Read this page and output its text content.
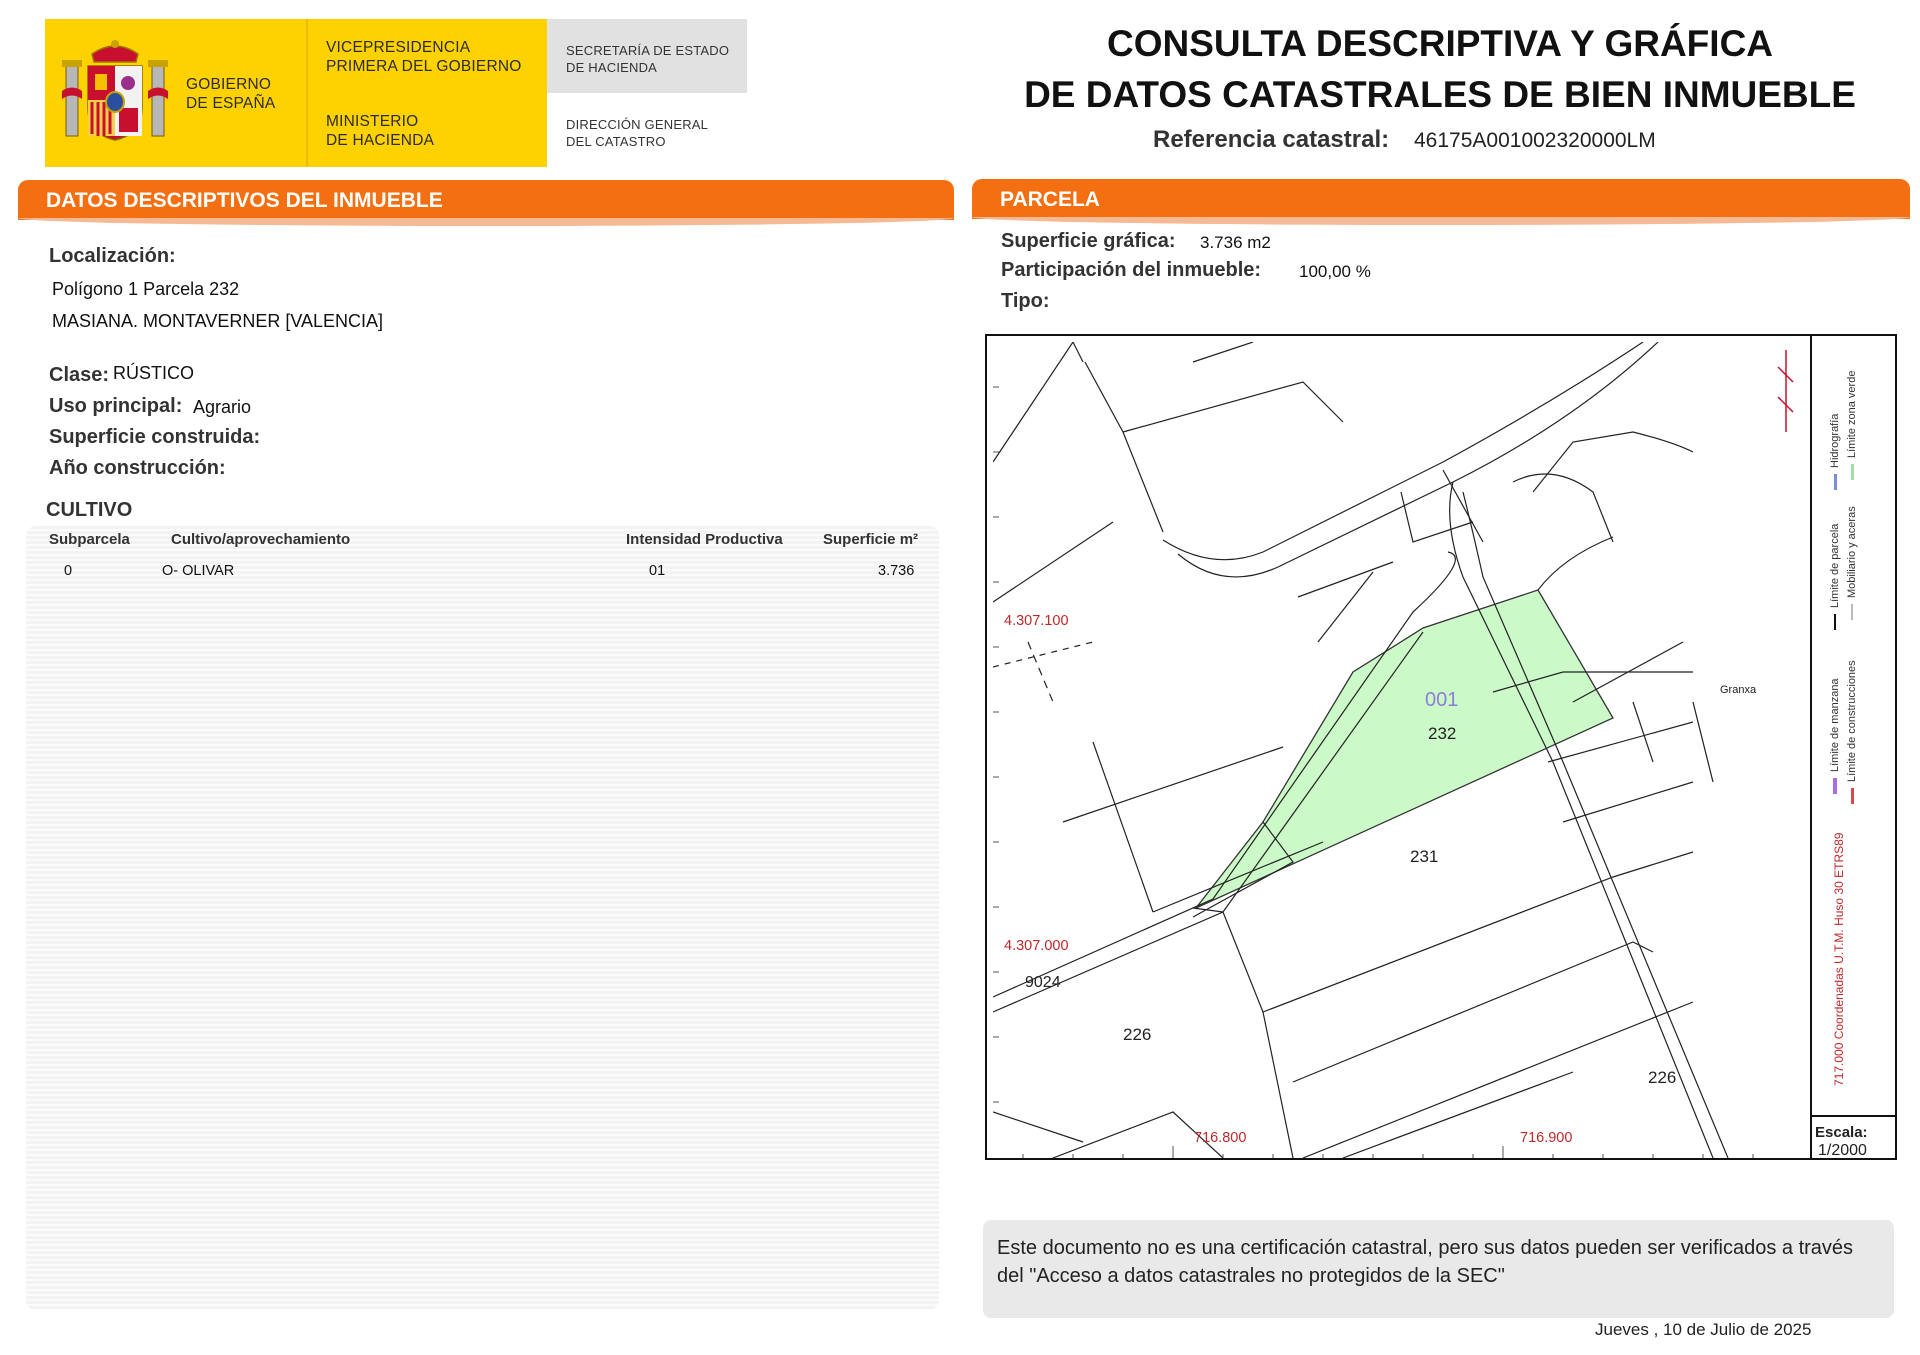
GOBIERNO
DE ESPAÑA
VICEPRESIDENCIA
PRIMERA DEL GOBIERNO
MINISTERIO
DE HACIENDA
SECRETARÍA DE ESTADO
DE HACIENDA
DIRECCIÓN GENERAL
DEL CATASTRO
CONSULTA DESCRIPTIVA Y GRÁFICA
DE DATOS CATASTRALES DE BIEN INMUEBLE
Referencia catastral: 46175A001002320000LM
DATOS DESCRIPTIVOS DEL INMUEBLE
Localización:
Polígono 1 Parcela 232
MASIANA. MONTAVERNER [VALENCIA]
Clase: RÚSTICO
Uso principal: Agrario
Superficie construida:
Año construcción:
CULTIVO
Subparcela	Cultivo/aprovechamiento	Intensidad Productiva	Superficie m²
0	O- OLIVAR	01	3.736
PARCELA
Superficie gráfica: 3.736 m2
Participación del inmueble: 100,00 %
Tipo:
001
232
231
226
226
9024
Granxa
4.307.100
4.307.000
716.800	716.900
Límite de manzana
Límite de parcela
Límite de construcciones
Mobiliario y aceras
Límite zona verde
Hidrografía
717.000 Coordenadas U.T.M. Huso 30 ETRS89
Escala:
1/2000
Este documento no es una certificación catastral, pero sus datos pueden ser verificados a través del "Acceso a datos catastrales no protegidos de la SEC"
Jueves , 10 de Julio de 2025
